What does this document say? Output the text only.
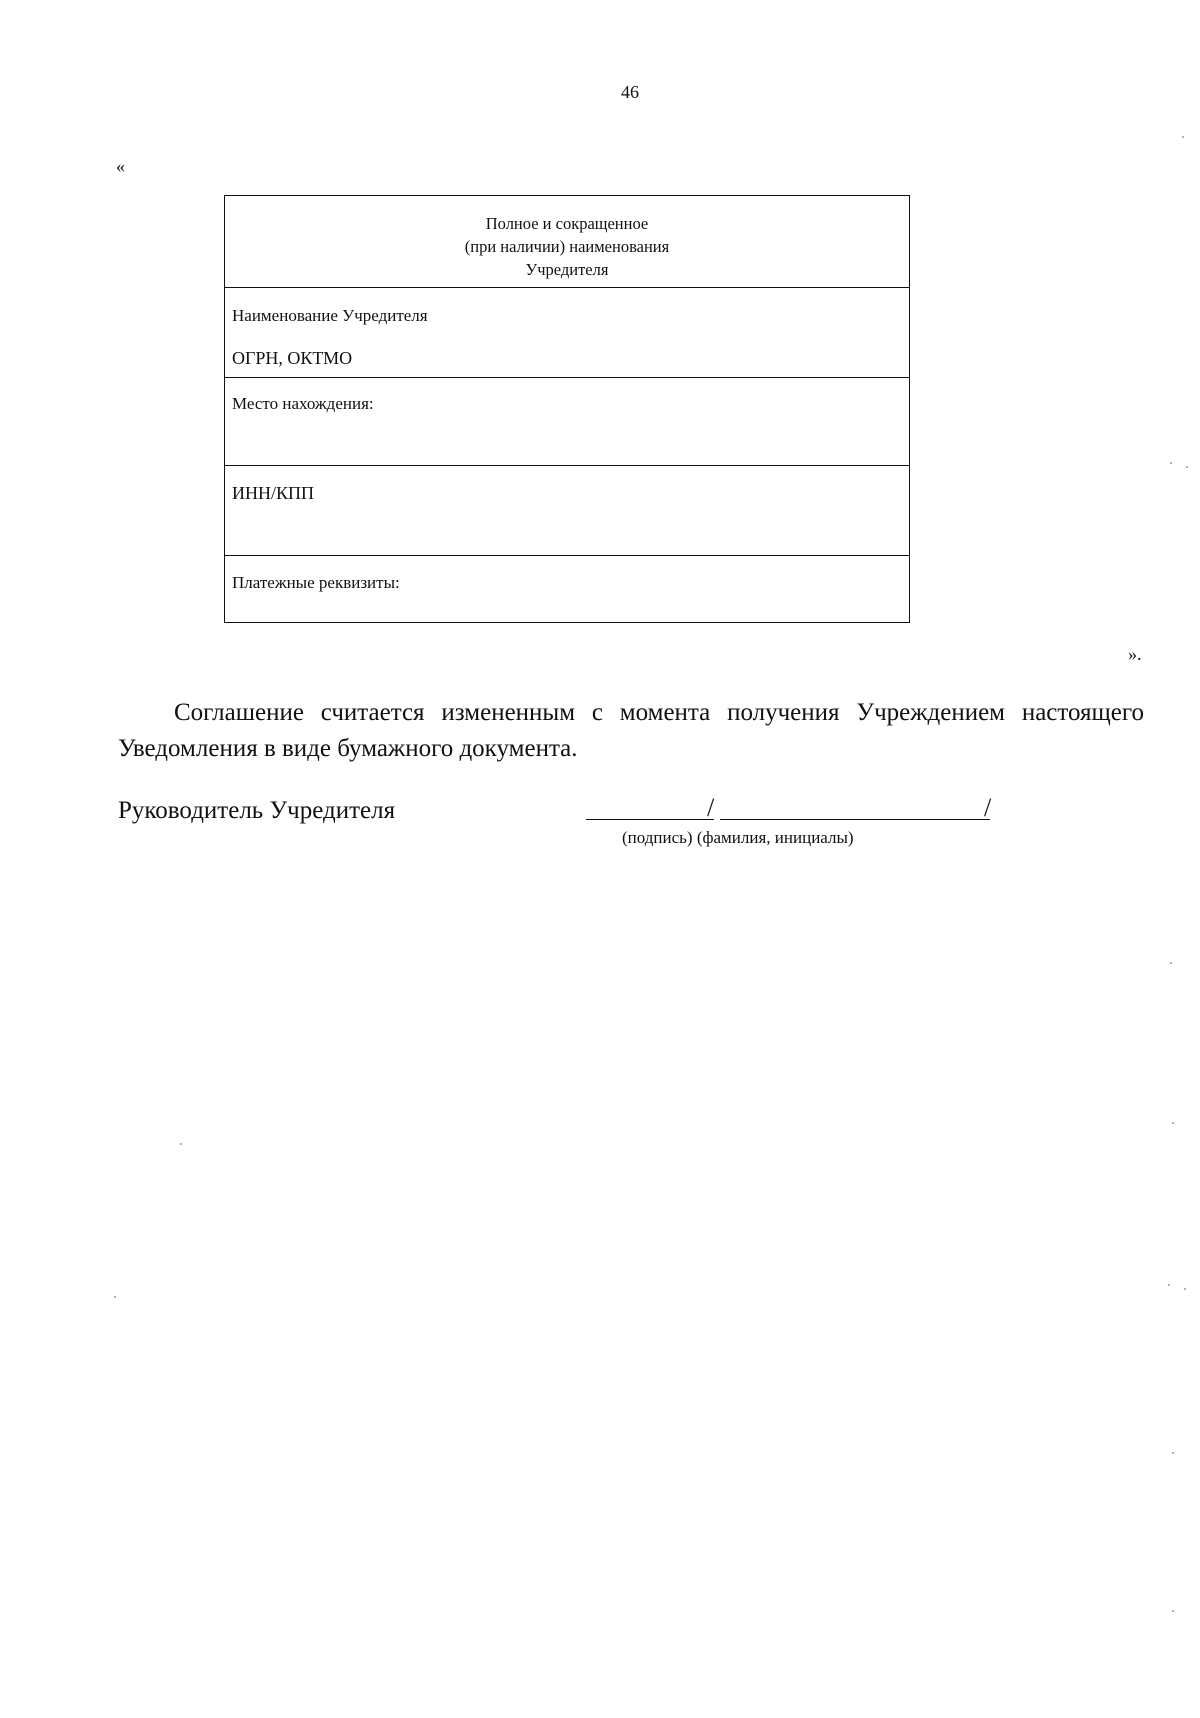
46
«
Полное и сокращенное
(при наличии) наименования
Учредителя
Наименование Учредителя
ОГРН, ОКТМО
Место нахождения:
ИНН/КПП
Платежные реквизиты:
».
Соглашение считается измененным с момента получения Учреждением настоящего Уведомления в виде бумажного документа.
Руководитель Учредителя	/	/
(подпись) (фамилия, инициалы)
